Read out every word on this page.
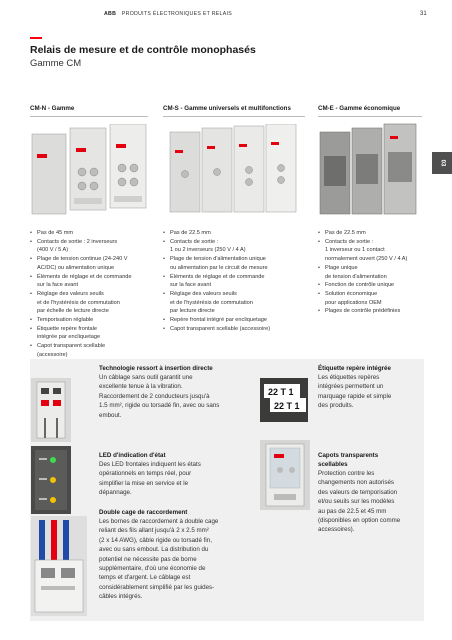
ABB PRODUITS ÉLECTRONIQUES ET RELAIS	31
03
Relais de mesure et de contrôle monophasés
Gamme CM
CM-N - Gamme	CM-S - Gamme universels et multifonctions	CM-E - Gamme économique
• Pas de 45 mm
• Contacts de sortie : 2 inverseurs
(400 V / 5 A)
• Plage de tension continue (24-240 V
AC/DC) ou alimentation unique
• Éléments de réglage et de commande
sur la face avant
• Réglage des valeurs seuils
et de l'hystérésis de commutation
par échelle de lecture directe
• Temporisation réglable
• Étiquette repère frontale
intégrée par encliquetage
• Capot transparent scellable
(accessoire)
• Pas de 22.5 mm
• Contacts de sortie :
1 ou 2 inverseurs (250 V / 4 A)
• Plage de tension d'alimentation unique
ou alimentation par le circuit de mesure
• Éléments de réglage et de commande
sur la face avant
• Réglage des valeurs seuils
et de l'hystérésis de commutation
par lecture directe
• Repère frontal intégré par encliquetage
• Capot transparent scellable (accessoire)
• Pas de 22.5 mm
• Contacts de sortie :
1 inverseur ou 1 contact
normalement ouvert (250 V / 4 A)
• Plage unique
de tension d'alimentation
• Fonction de contrôle unique
• Solution économique
pour applications OEM
• Plages de contrôle prédéfinies
22 T 1
22 T 1
Technologie ressort à insertion directe
Un câblage sans outil garantit une
excellente tenue à la vibration.
Raccordement de 2 conducteurs jusqu'à
1.5 mm², rigide ou torsadé fin, avec ou sans
embout.
LED d'indication d'état
Des LED frontales indiquent les états
opérationnels en temps réel, pour
simplifier la mise en service et le
dépannage.
Double cage de raccordement
Les bornes de raccordement à double cage
reliant des fils allant jusqu'à 2 x 2.5 mm²
(2 x 14 AWG), câble rigide ou torsadé fin,
avec ou sans embout. La distribution du
potentiel ne nécessite pas de borne
supplémentaire, d'où une économie de
temps et d'argent. Le câblage est
considérablement simplifié par les guides-
câbles intégrés.
Étiquette repère intégrée
Les étiquettes repères
intégrées permettent un
marquage rapide et simple
des produits.
Capots transparents
scellables
Protection contre les
changements non autorisés
des valeurs de temporisation
et/ou seuils sur les modèles
au pas de 22.5 et 45 mm
(disponibles en option comme
accessoires).
